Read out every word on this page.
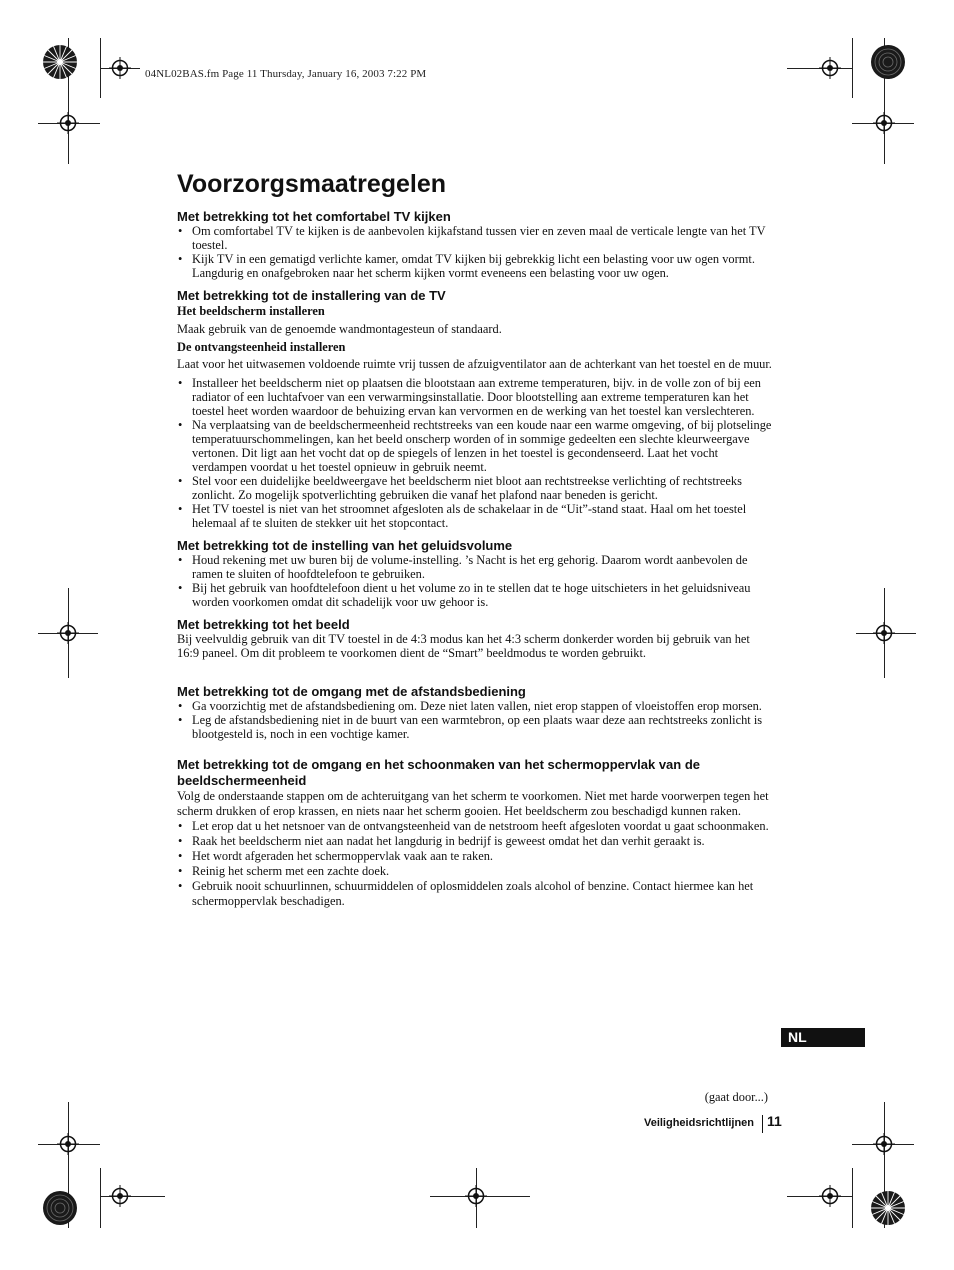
04NL02BAS.fm Page 11 Thursday, January 16, 2003 7:22 PM
Voorzorgsmaatregelen
Met betrekking tot het comfortabel TV kijken
• Om comfortabel TV te kijken is de aanbevolen kijkafstand tussen vier en zeven maal de verticale lengte van het TV toestel.
• Kijk TV in een gematigd verlichte kamer, omdat TV kijken bij gebrekkig licht een belasting voor uw ogen vormt. Langdurig en onafgebroken naar het scherm kijken vormt eveneens een belasting voor uw ogen.
Met betrekking tot de installering van de TV
Het beeldscherm installeren

Maak gebruik van de genoemde wandmontagesteun of standaard.

De ontvangsteenheid installeren

Laat voor het uitwasemen voldoende ruimte vrij tussen de afzuigventilator aan de achterkant van het toestel en de muur.

• Installeer het beeldscherm niet op plaatsen die blootstaan aan extreme temperaturen, bijv. in de volle zon of bij een radiator of een luchtafvoer van een verwarmingsinstallatie. Door blootstelling aan extreme temperaturen kan het toestel heet worden waardoor de behuizing ervan kan vervormen en de werking van het toestel kan verslechteren.
• Na verplaatsing van de beeldschermeenheid rechtstreeks van een koude naar een warme omgeving, of bij plotselinge temperatuurschommelingen, kan het beeld onscherp worden of in sommige gedeelten een slechte kleurweergave vertonen. Dit ligt aan het vocht dat op de spiegels of lenzen in het toestel is gecondenseerd. Laat het vocht verdampen voordat u het toestel opnieuw in gebruik neemt.
• Stel voor een duidelijke beeldweergave het beeldscherm niet bloot aan rechtstreekse verlichting of rechtstreeks zonlicht. Zo mogelijk spotverlichting gebruiken die vanaf het plafond naar beneden is gericht.
• Het TV toestel is niet van het stroomnet afgesloten als de schakelaar in de “Uit”-stand staat. Haal om het toestel helemaal af te sluiten de stekker uit het stopcontact.
Met betrekking tot de instelling van het geluidsvolume
• Houd rekening met uw buren bij de volume-instelling. ’s Nacht is het erg gehorig. Daarom wordt aanbevolen de ramen te sluiten of hoofdtelefoon te gebruiken.
• Bij het gebruik van hoofdtelefoon dient u het volume zo in te stellen dat te hoge uitschieters in het geluidsniveau worden voorkomen omdat dit schadelijk voor uw gehoor is.
Met betrekking tot het beeld

Bij veelvuldig gebruik van dit TV toestel in de 4:3 modus kan het 4:3 scherm donkerder worden bij gebruik van het 16:9 paneel. Om dit probleem te voorkomen dient de “Smart” beeldmodus te worden gebruikt.

Met betrekking tot de omgang met de afstandsbediening
• Ga voorzichtig met de afstandsbediening om. Deze niet laten vallen, niet erop stappen of vloeistoffen erop morsen.
• Leg de afstandsbediening niet in de buurt van een warmtebron, op een plaats waar deze aan rechtstreeks zonlicht is blootgesteld is, noch in een vochtige kamer.
Met betrekking tot de omgang en het schoonmaken van het schermoppervlak van de beeldschermeenheid

Volg de onderstaande stappen om de achteruitgang van het scherm te voorkomen. Niet met harde voorwerpen tegen het scherm drukken of erop krassen, en niets naar het scherm gooien. Het beeldscherm zou beschadigd kunnen raken.

• Let erop dat u het netsnoer van de ontvangsteenheid van de netstroom heeft afgesloten voordat u gaat schoonmaken.
• Raak het beeldscherm niet aan nadat het langdurig in bedrijf is geweest omdat het dan verhit geraakt is.
• Het wordt afgeraden het schermoppervlak vaak aan te raken.
• Reinig het scherm met een zachte doek.
• Gebruik nooit schuurlinnen, schuurmiddelen of oplosmiddelen zoals alcohol of benzine. Contact hiermee kan het schermoppervlak beschadigen.
NL
(gaat door...)
Veiligheidsrichtlijnen 11
